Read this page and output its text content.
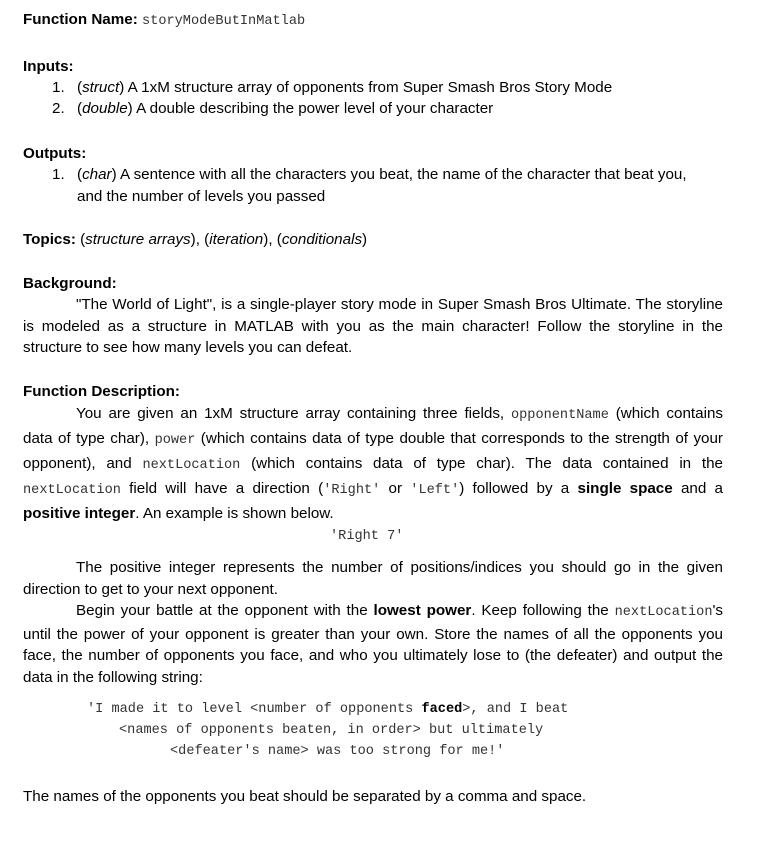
Function Name: storyModeButInMatlab
Inputs:
1. (struct) A 1xM structure array of opponents from Super Smash Bros Story Mode
2. (double) A double describing the power level of your character
Outputs:
1. (char) A sentence with all the characters you beat, the name of the character that beat you, and the number of levels you passed
Topics: (structure arrays), (iteration), (conditionals)
Background:
"The World of Light", is a single-player story mode in Super Smash Bros Ultimate. The storyline is modeled as a structure in MATLAB with you as the main character! Follow the storyline in the structure to see how many levels you can defeat.
Function Description:
You are given an 1xM structure array containing three fields, opponentName (which contains data of type char), power (which contains data of type double that corresponds to the strength of your opponent), and nextLocation (which contains data of type char). The data contained in the nextLocation field will have a direction ('Right' or 'Left') followed by a single space and a positive integer. An example is shown below.
'Right 7'
The positive integer represents the number of positions/indices you should go in the given direction to get to your next opponent.
Begin your battle at the opponent with the lowest power. Keep following the nextLocation's until the power of your opponent is greater than your own. Store the names of all the opponents you face, the number of opponents you face, and who you ultimately lose to (the defeater) and output the data in the following string:
'I made it to level <number of opponents faced>, and I beat
<names of opponents beaten, in order> but ultimately
<defeater's name> was too strong for me!'
The names of the opponents you beat should be separated by a comma and space.
